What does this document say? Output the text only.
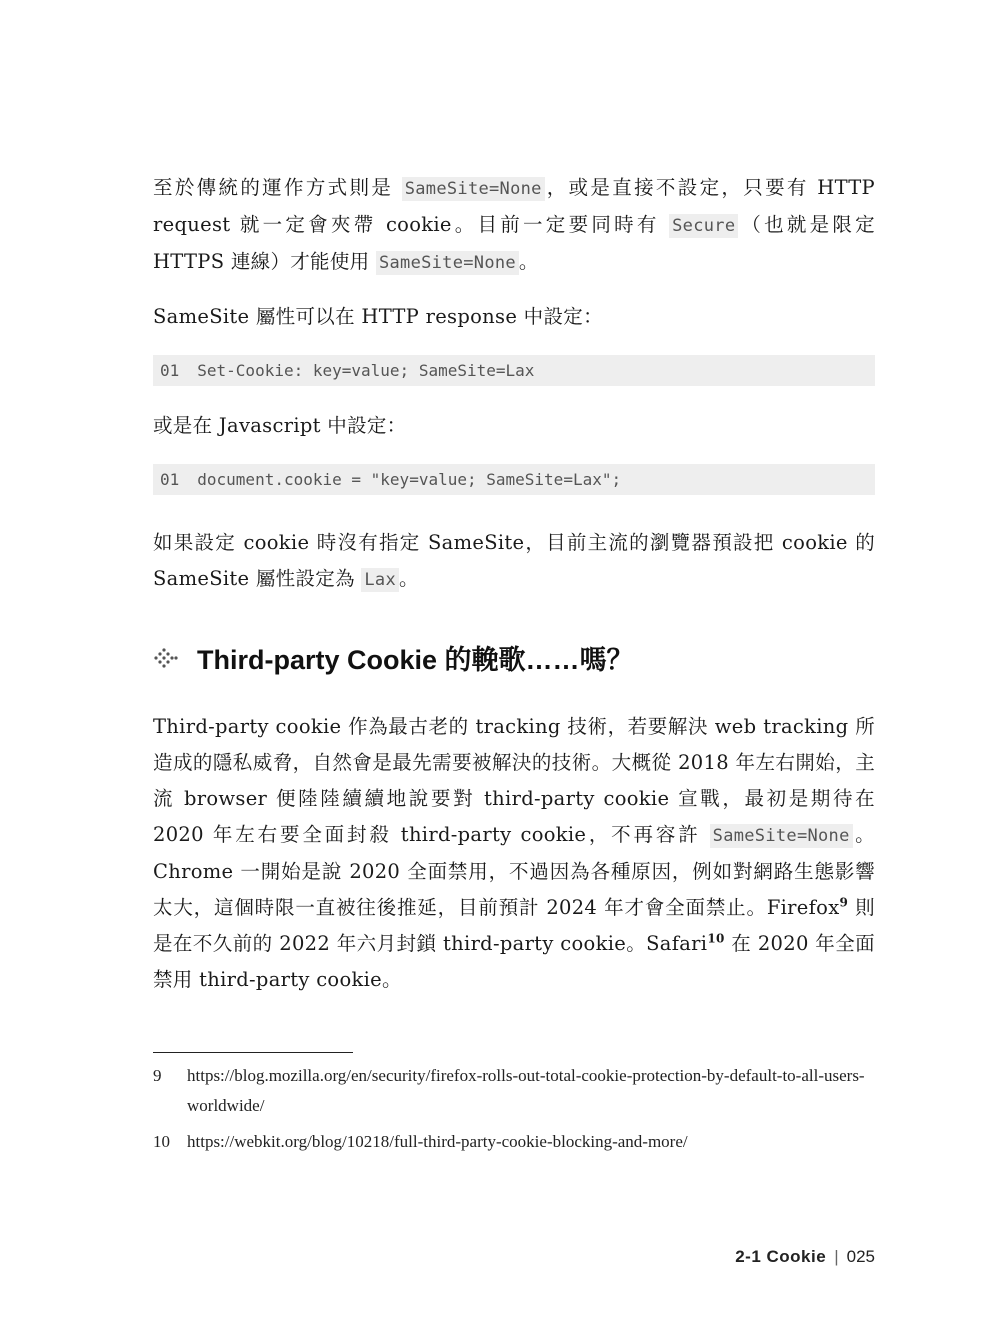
至於傳統的運作方式則是 SameSite=None ，或是直接不設定，只要有 HTTP request 就一定會夾帶 cookie。目前一定要同時有 Secure （也就是限定 HTTPS 連線）才能使用 SameSite=None 。

SameSite 屬性可以在 HTTP response 中設定：

01 Set-Cookie: key=value; SameSite=Lax

或是在 Javascript 中設定：

01 document.cookie = "key=value; SameSite=Lax";

如果設定 cookie 時沒有指定 SameSite，目前主流的瀏覽器預設把 cookie 的 SameSite 屬性設定為 Lax 。

Third-party Cookie 的輓歌……嗎？

Third-party cookie 作為最古老的 tracking 技術，若要解決 web tracking 所造成的隱私威脅，自然會是最先需要被解決的技術。大概從 2018 年左右開始，主流 browser 便陸陸續續地說要對 third-party cookie 宣戰，最初是期待在 2020 年左右要全面封殺 third-party cookie，不再容許 SameSite=None 。Chrome 一開始是說 2020 全面禁用，不過因為各種原因，例如對網路生態影響太大，這個時限一直被往後推延，目前預計 2024 年才會全面禁止。Firefox$^9$ 則是在不久前的 2022 年六月封鎖 third-party cookie。Safari$^{10}$ 在 2020 年全面禁用 third-party cookie。

9	https://blog.mozilla.org/en/security/firefox-rolls-out-total-cookie-protection-by-default-to-all-users-worldwide/
10	https://webkit.org/blog/10218/full-third-party-cookie-blocking-and-more/
2-1 Cookie | 025
